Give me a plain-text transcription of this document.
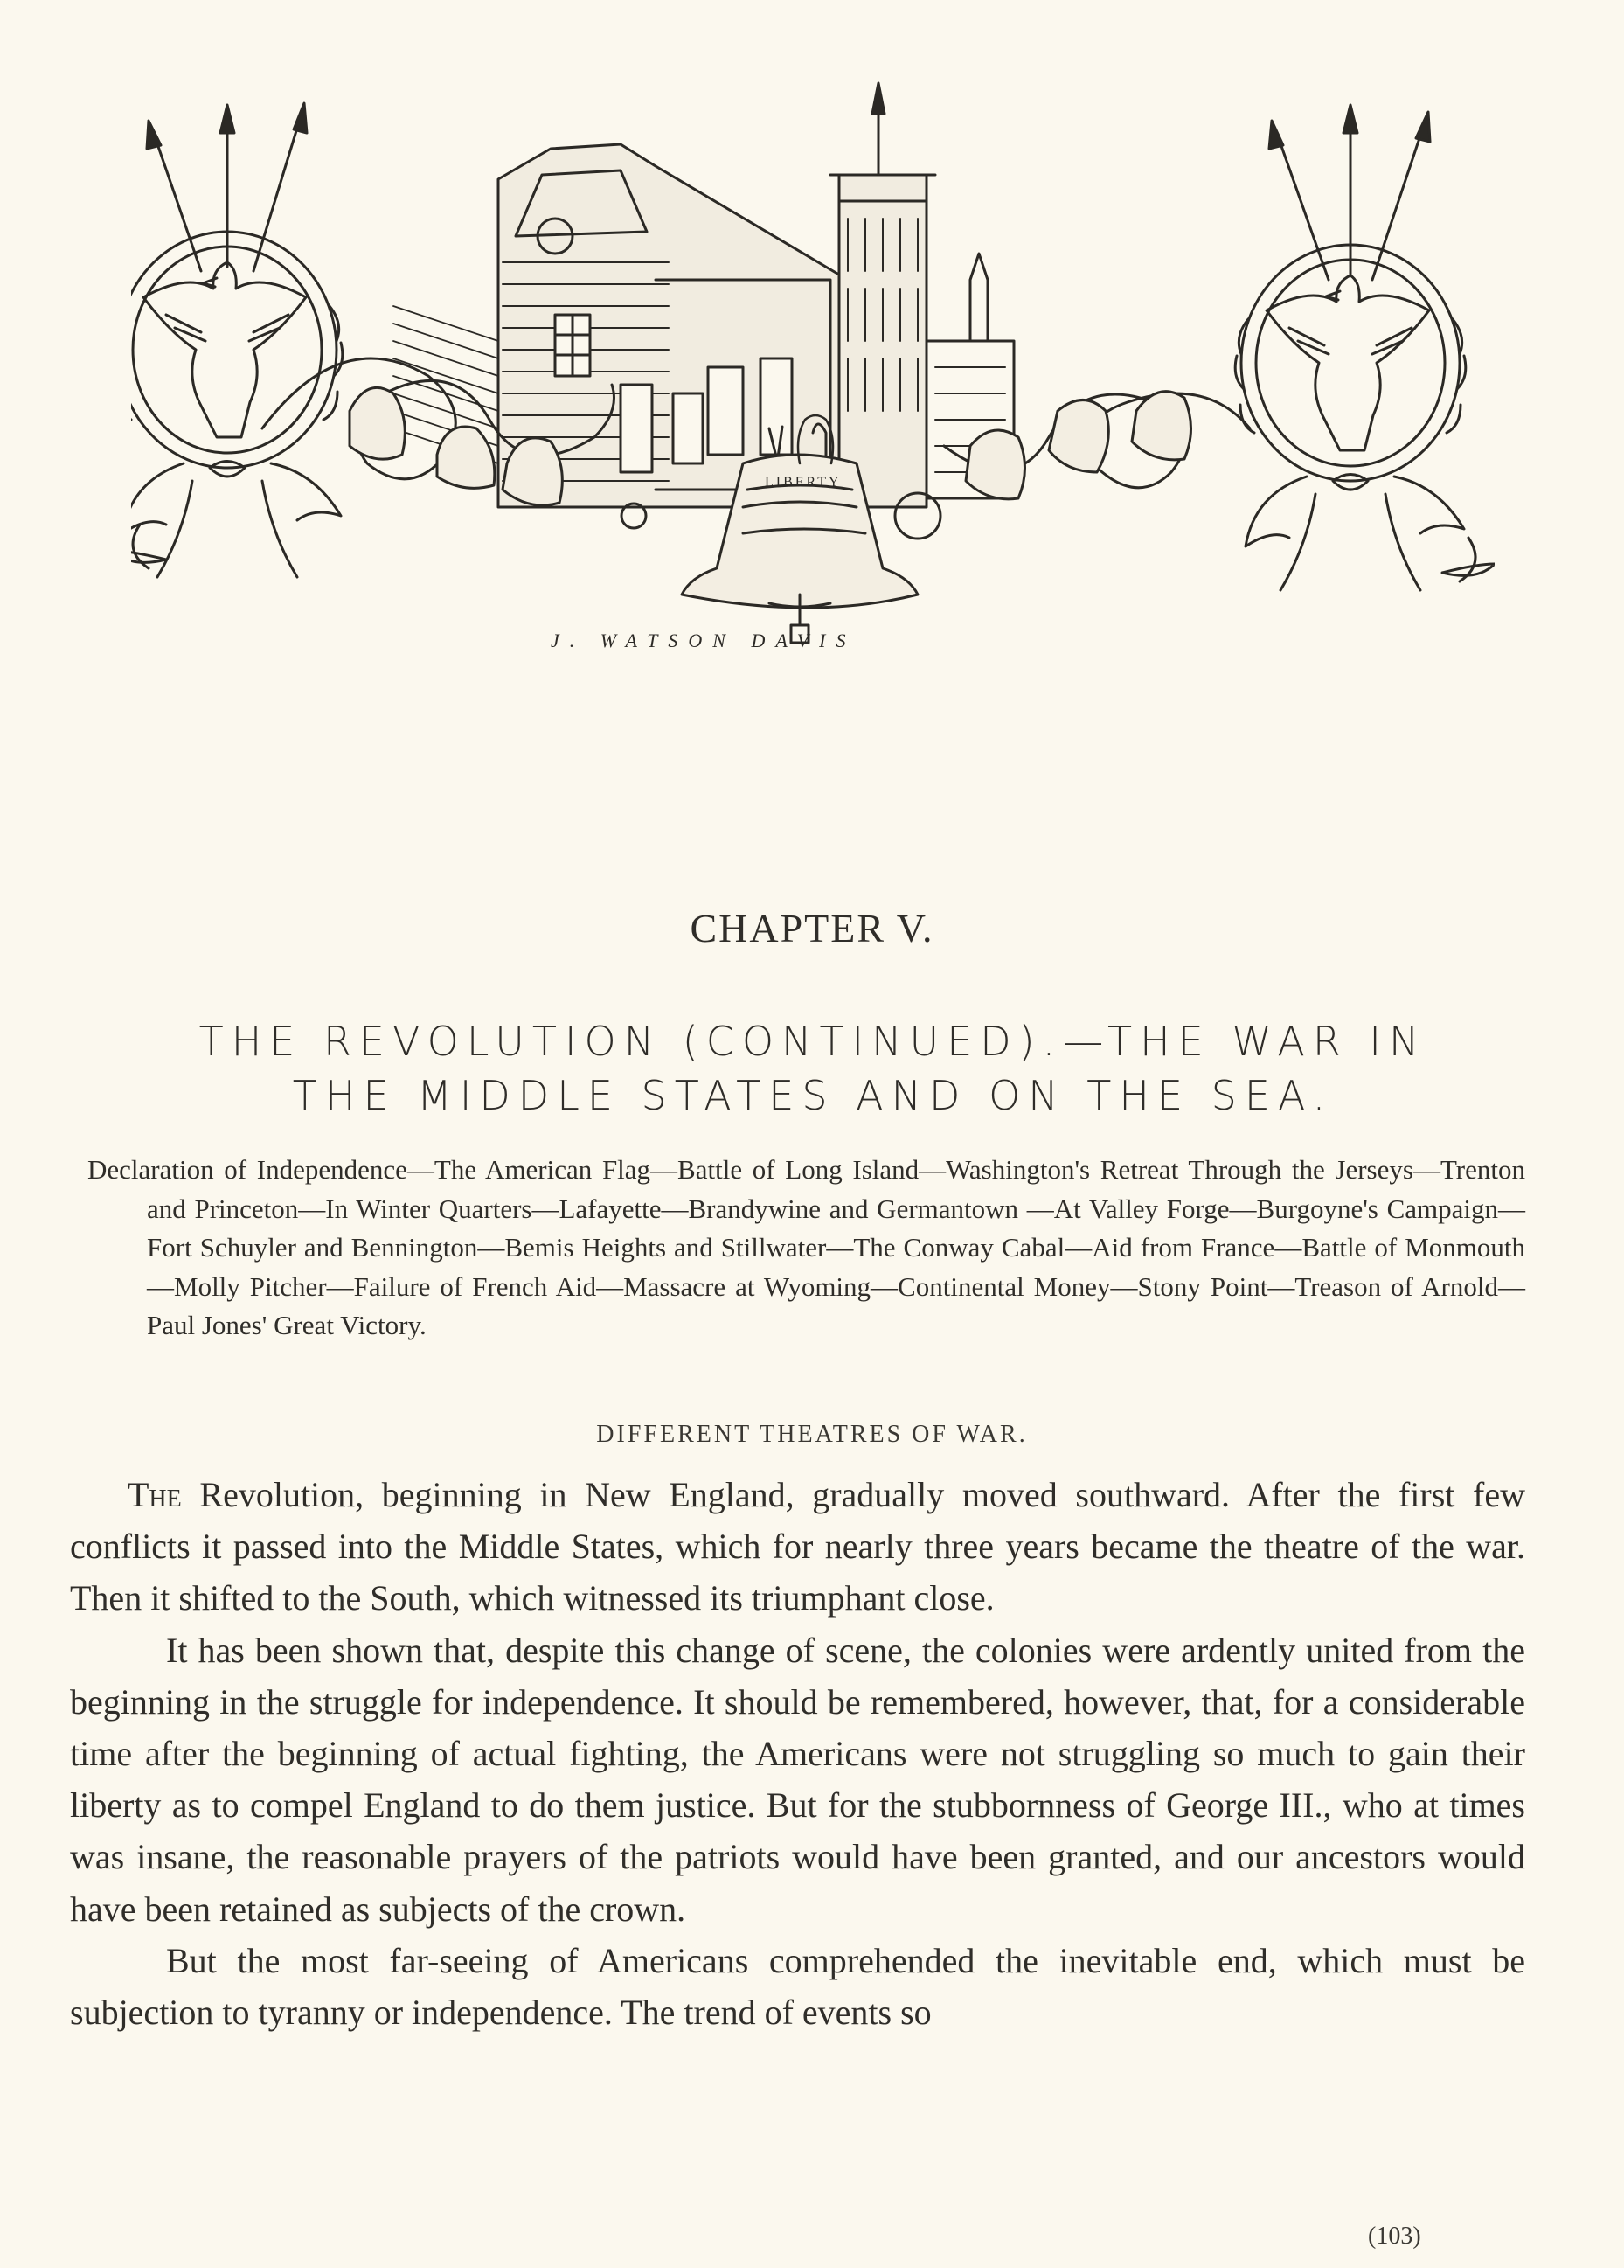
LIBERTY
J. WATSON DAVIS
CHAPTER V.
THE REVOLUTION (CONTINUED).—THE WAR IN
THE MIDDLE STATES AND ON THE SEA.
Declaration of Independence—The American Flag—Battle of Long Island—Washington's Retreat Through the Jerseys—Trenton and Princeton—In Winter Quarters—Lafayette—Brandywine and Germantown —At Valley Forge—Burgoyne's Campaign—Fort Schuyler and Bennington—Bemis Heights and Stillwater—The Conway Cabal—Aid from France—Battle of Monmouth—Molly Pitcher—Failure of French Aid—Massacre at Wyoming—Continental Money—Stony Point—Treason of Arnold—Paul Jones' Great Victory.
DIFFERENT THEATRES OF WAR.

The Revolution, beginning in New England, gradually moved southward. After the first few conflicts it passed into the Middle States, which for nearly three years became the theatre of the war. Then it shifted to the South, which witnessed its triumphant close.

It has been shown that, despite this change of scene, the colonies were ardently united from the beginning in the struggle for independence. It should be remembered, however, that, for a considerable time after the beginning of actual fighting, the Americans were not struggling so much to gain their liberty as to compel England to do them justice. But for the stubbornness of George III., who at times was insane, the reasonable prayers of the patriots would have been granted, and our ancestors would have been retained as subjects of the crown.

But the most far-seeing of Americans comprehended the inevitable end, which must be subjection to tyranny or independence. The trend of events so

(103)
